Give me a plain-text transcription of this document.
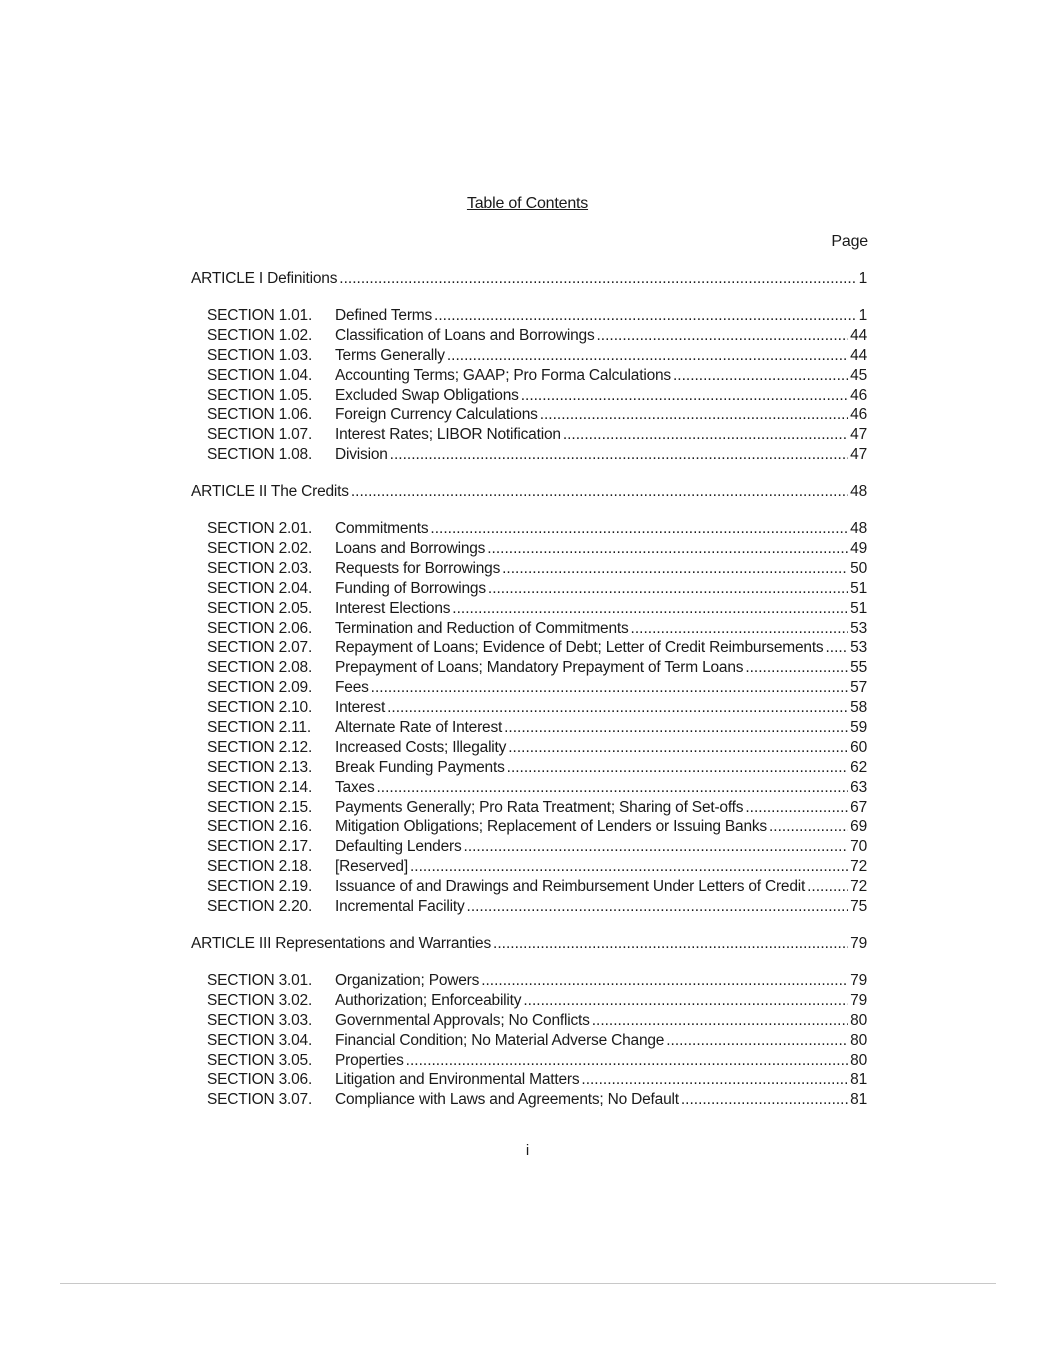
Table of Contents
Page
ARTICLE I Definitions .....	1
SECTION 1.01.	Defined Terms .....	1
SECTION 1.02.	Classification of Loans and Borrowings .....	44
SECTION 1.03.	Terms Generally .....	44
SECTION 1.04.	Accounting Terms; GAAP; Pro Forma Calculations .....	45
SECTION 1.05.	Excluded Swap Obligations .....	46
SECTION 1.06.	Foreign Currency Calculations .....	46
SECTION 1.07.	Interest Rates; LIBOR Notification .....	47
SECTION 1.08.	Division .....	47
ARTICLE II The Credits .....	48
SECTION 2.01.	Commitments .....	48
SECTION 2.02.	Loans and Borrowings .....	49
SECTION 2.03.	Requests for Borrowings .....	50
SECTION 2.04.	Funding of Borrowings .....	51
SECTION 2.05.	Interest Elections .....	51
SECTION 2.06.	Termination and Reduction of Commitments .....	53
SECTION 2.07.	Repayment of Loans; Evidence of Debt; Letter of Credit Reimbursements ..... 53
SECTION 2.08.	Prepayment of Loans; Mandatory Prepayment of Term Loans .....	55
SECTION 2.09.	Fees .....	57
SECTION 2.10.	Interest .....	58
SECTION 2.11.	Alternate Rate of Interest .....	59
SECTION 2.12.	Increased Costs; Illegality .....	60
SECTION 2.13.	Break Funding Payments .....	62
SECTION 2.14.	Taxes .....	63
SECTION 2.15.	Payments Generally; Pro Rata Treatment; Sharing of Set-offs .....	67
SECTION 2.16.	Mitigation Obligations; Replacement of Lenders or Issuing Banks .....	69
SECTION 2.17.	Defaulting Lenders .....	70
SECTION 2.18.	[Reserved] .....	72
SECTION 2.19.	Issuance of and Drawings and Reimbursement Under Letters of Credit .....	72
SECTION 2.20.	Incremental Facility .....	75
ARTICLE III Representations and Warranties .....	79
SECTION 3.01.	Organization; Powers .....	79
SECTION 3.02.	Authorization; Enforceability .....	79
SECTION 3.03.	Governmental Approvals; No Conflicts .....	80
SECTION 3.04.	Financial Condition; No Material Adverse Change .....	80
SECTION 3.05.	Properties .....	80
SECTION 3.06.	Litigation and Environmental Matters .....	81
SECTION 3.07.	Compliance with Laws and Agreements; No Default .....	81
i
